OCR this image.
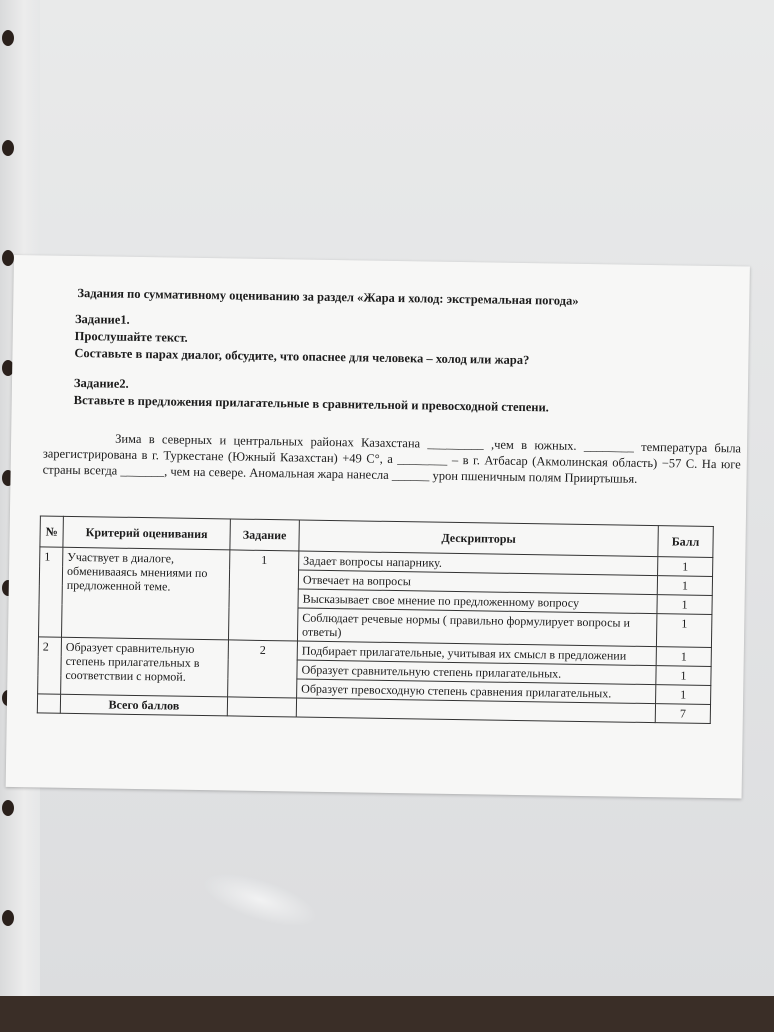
Задания по суммативному оцениванию за раздел «Жара и холод: экстремальная погода»
Задание1.
Прослушайте текст.
Составьте в парах диалог, обсудите, что опаснее для человека – холод или жара?
Задание2.
Вставьте в предложения прилагательные в сравнительной и превосходной степени.
Зима в северных и центральных районах Казахстана _________ ,чем в южных. ________ температура была зарегистрирована в г. Туркестане (Южный Казахстан) +49 С°, а ________ – в г. Атбасар (Акмолинская область) −57 С. На юге страны всегда _______, чем на севере. Аномальная жара нанесла ______ урон пшеничным полям Прииртышья.
№	Критерий оценивания	Задание	Дескрипторы	Балл
1	Участвует в диалоге, обменивааясь мнениями по предложенной теме.	1	Задает вопросы напарнику.	1
			Отвечает на вопросы	1
			Высказывает свое мнение по предложенному вопросу	1
			Соблюдает речевые нормы ( правильно формулирует вопросы и ответы)	1
2	Образует сравнительную степень прилагательных в соответствии с нормой.	2	Подбирает прилагательные, учитывая их смысл в предложении	1
			Образует сравнительную степень прилагательных.	1
			Образует превосходную степень сравнения прилагательных.	1
	Всего баллов			7
